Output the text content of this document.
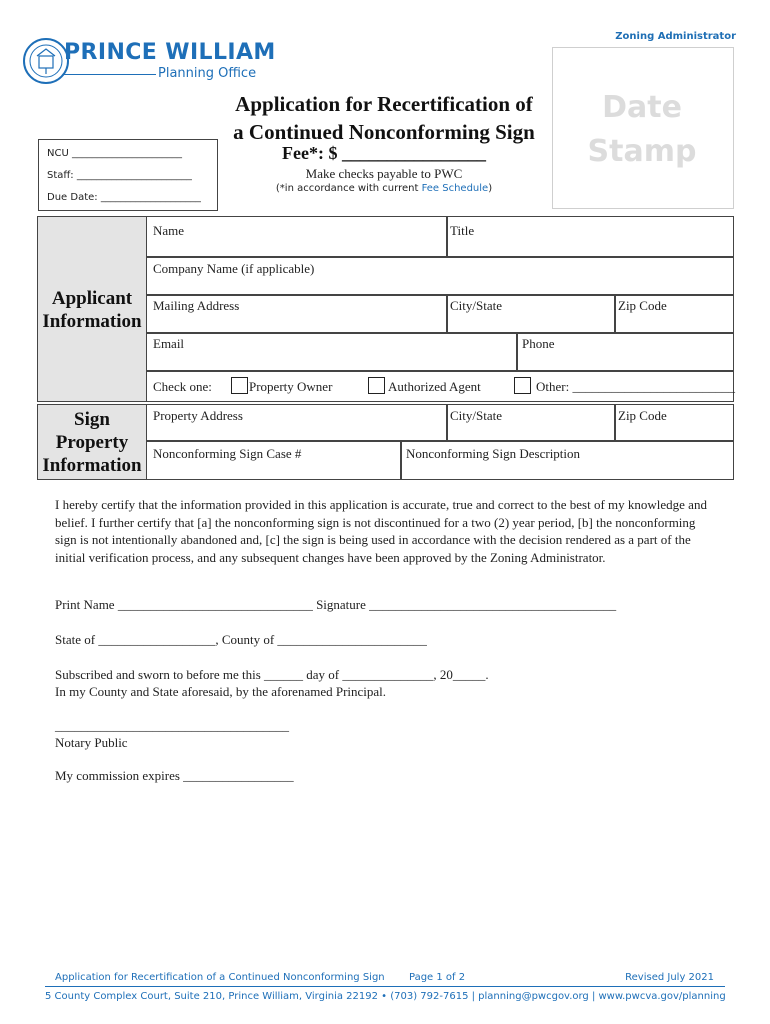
Zoning Administrator
PRINCE WILLIAM
Planning Office
Date
Stamp
Application for Recertification of
a Continued Nonconforming Sign
Fee*: $ ________________
Make checks payable to PWC
(*in accordance with current Fee Schedule)
NCU ______________________
Staff: _______________________
Due Date: ____________________
Applicant
Information
Name	Title
Company Name (if applicable)
Mailing Address	City/State	Zip Code
Email	Phone
Check one:	Property Owner	Authorized Agent	Other: _________________________
Sign
Property
Information
Property Address	City/State	Zip Code
Nonconforming Sign Case #	Nonconforming Sign Description
I hereby certify that the information provided in this application is accurate, true and correct to the best of my knowledge and belief. I further certify that [a] the nonconforming sign is not discontinued for a two (2) year period, [b] the nonconforming sign is not intentionally abandoned and, [c] the sign is being used in accordance with the decision rendered as a part of the initial verification process, and any subsequent changes have been approved by the Zoning Administrator.
Print Name ______________________________ Signature ______________________________________
State of __________________, County of _______________________
Subscribed and sworn to before me this ______ day of ______________, 20_____.
In my County and State aforesaid, by the aforenamed Principal.
____________________________________
Notary Public
My commission expires _________________
Application for Recertification of a Continued Nonconforming Sign Page 1 of 2	Revised July 2021
5 County Complex Court, Suite 210, Prince William, Virginia 22192 • (703) 792-7615 | planning@pwcgov.org | www.pwcva.gov/planning
